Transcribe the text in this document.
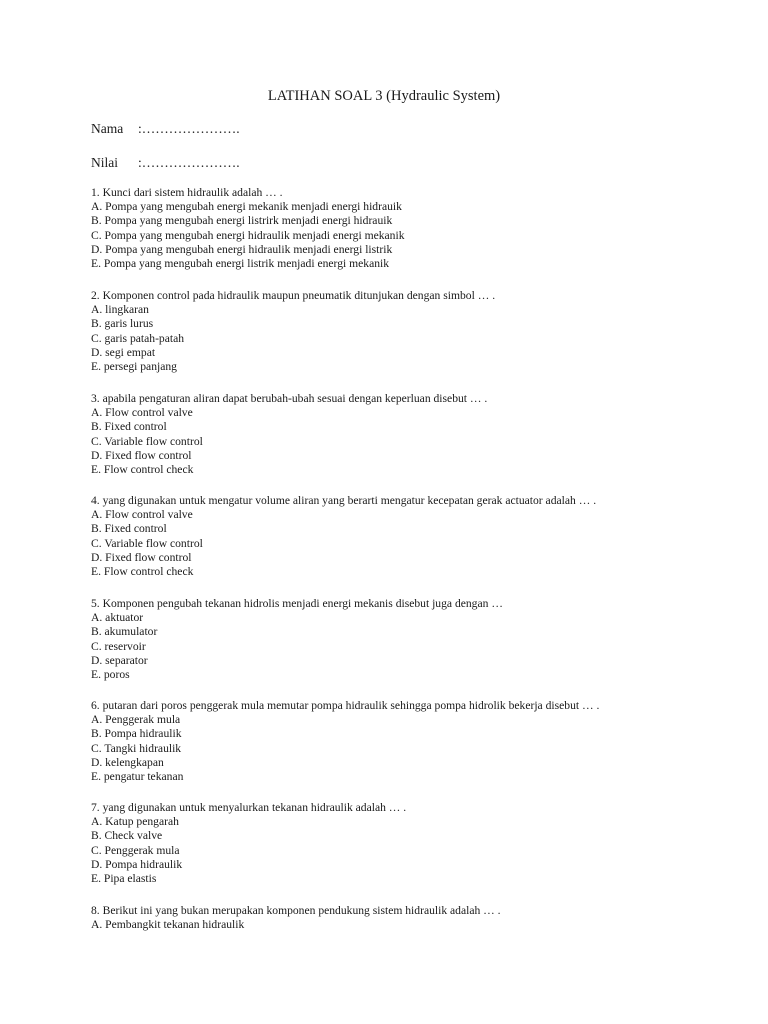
LATIHAN SOAL 3 (Hydraulic System)
Nama :………………….
Nilai :………………….
1. Kunci dari sistem hidraulik adalah … .
A. Pompa yang mengubah energi mekanik menjadi energi hidrauik
B. Pompa yang mengubah energi listrirk menjadi energi hidrauik
C. Pompa yang mengubah energi hidraulik menjadi energi mekanik
D. Pompa yang mengubah energi hidraulik menjadi energi listrik
E. Pompa yang mengubah energi listrik menjadi energi mekanik
2. Komponen control pada hidraulik maupun pneumatik ditunjukan dengan simbol … .
A. lingkaran
B. garis lurus
C. garis patah-patah
D. segi empat
E. persegi panjang
3. apabila pengaturan aliran dapat berubah-ubah sesuai dengan keperluan disebut … .
A. Flow control valve
B. Fixed control
C. Variable flow control
D. Fixed flow control
E. Flow control check
4. yang digunakan untuk mengatur volume aliran yang berarti mengatur kecepatan gerak actuator adalah … .
A. Flow control valve
B. Fixed control
C. Variable flow control
D. Fixed flow control
E. Flow control check
5. Komponen pengubah tekanan hidrolis menjadi energi mekanis disebut juga dengan …
A. aktuator
B. akumulator
C. reservoir
D. separator
E. poros
6. putaran dari poros penggerak mula memutar pompa hidraulik sehingga pompa hidrolik bekerja disebut … .
A. Penggerak mula
B. Pompa hidraulik
C. Tangki hidraulik
D. kelengkapan
E. pengatur tekanan
7. yang digunakan untuk menyalurkan tekanan hidraulik adalah … .
A. Katup pengarah
B. Check valve
C. Penggerak mula
D. Pompa hidraulik
E. Pipa elastis
8. Berikut ini yang bukan merupakan komponen pendukung sistem hidraulik adalah … .
A. Pembangkit tekanan hidraulik
